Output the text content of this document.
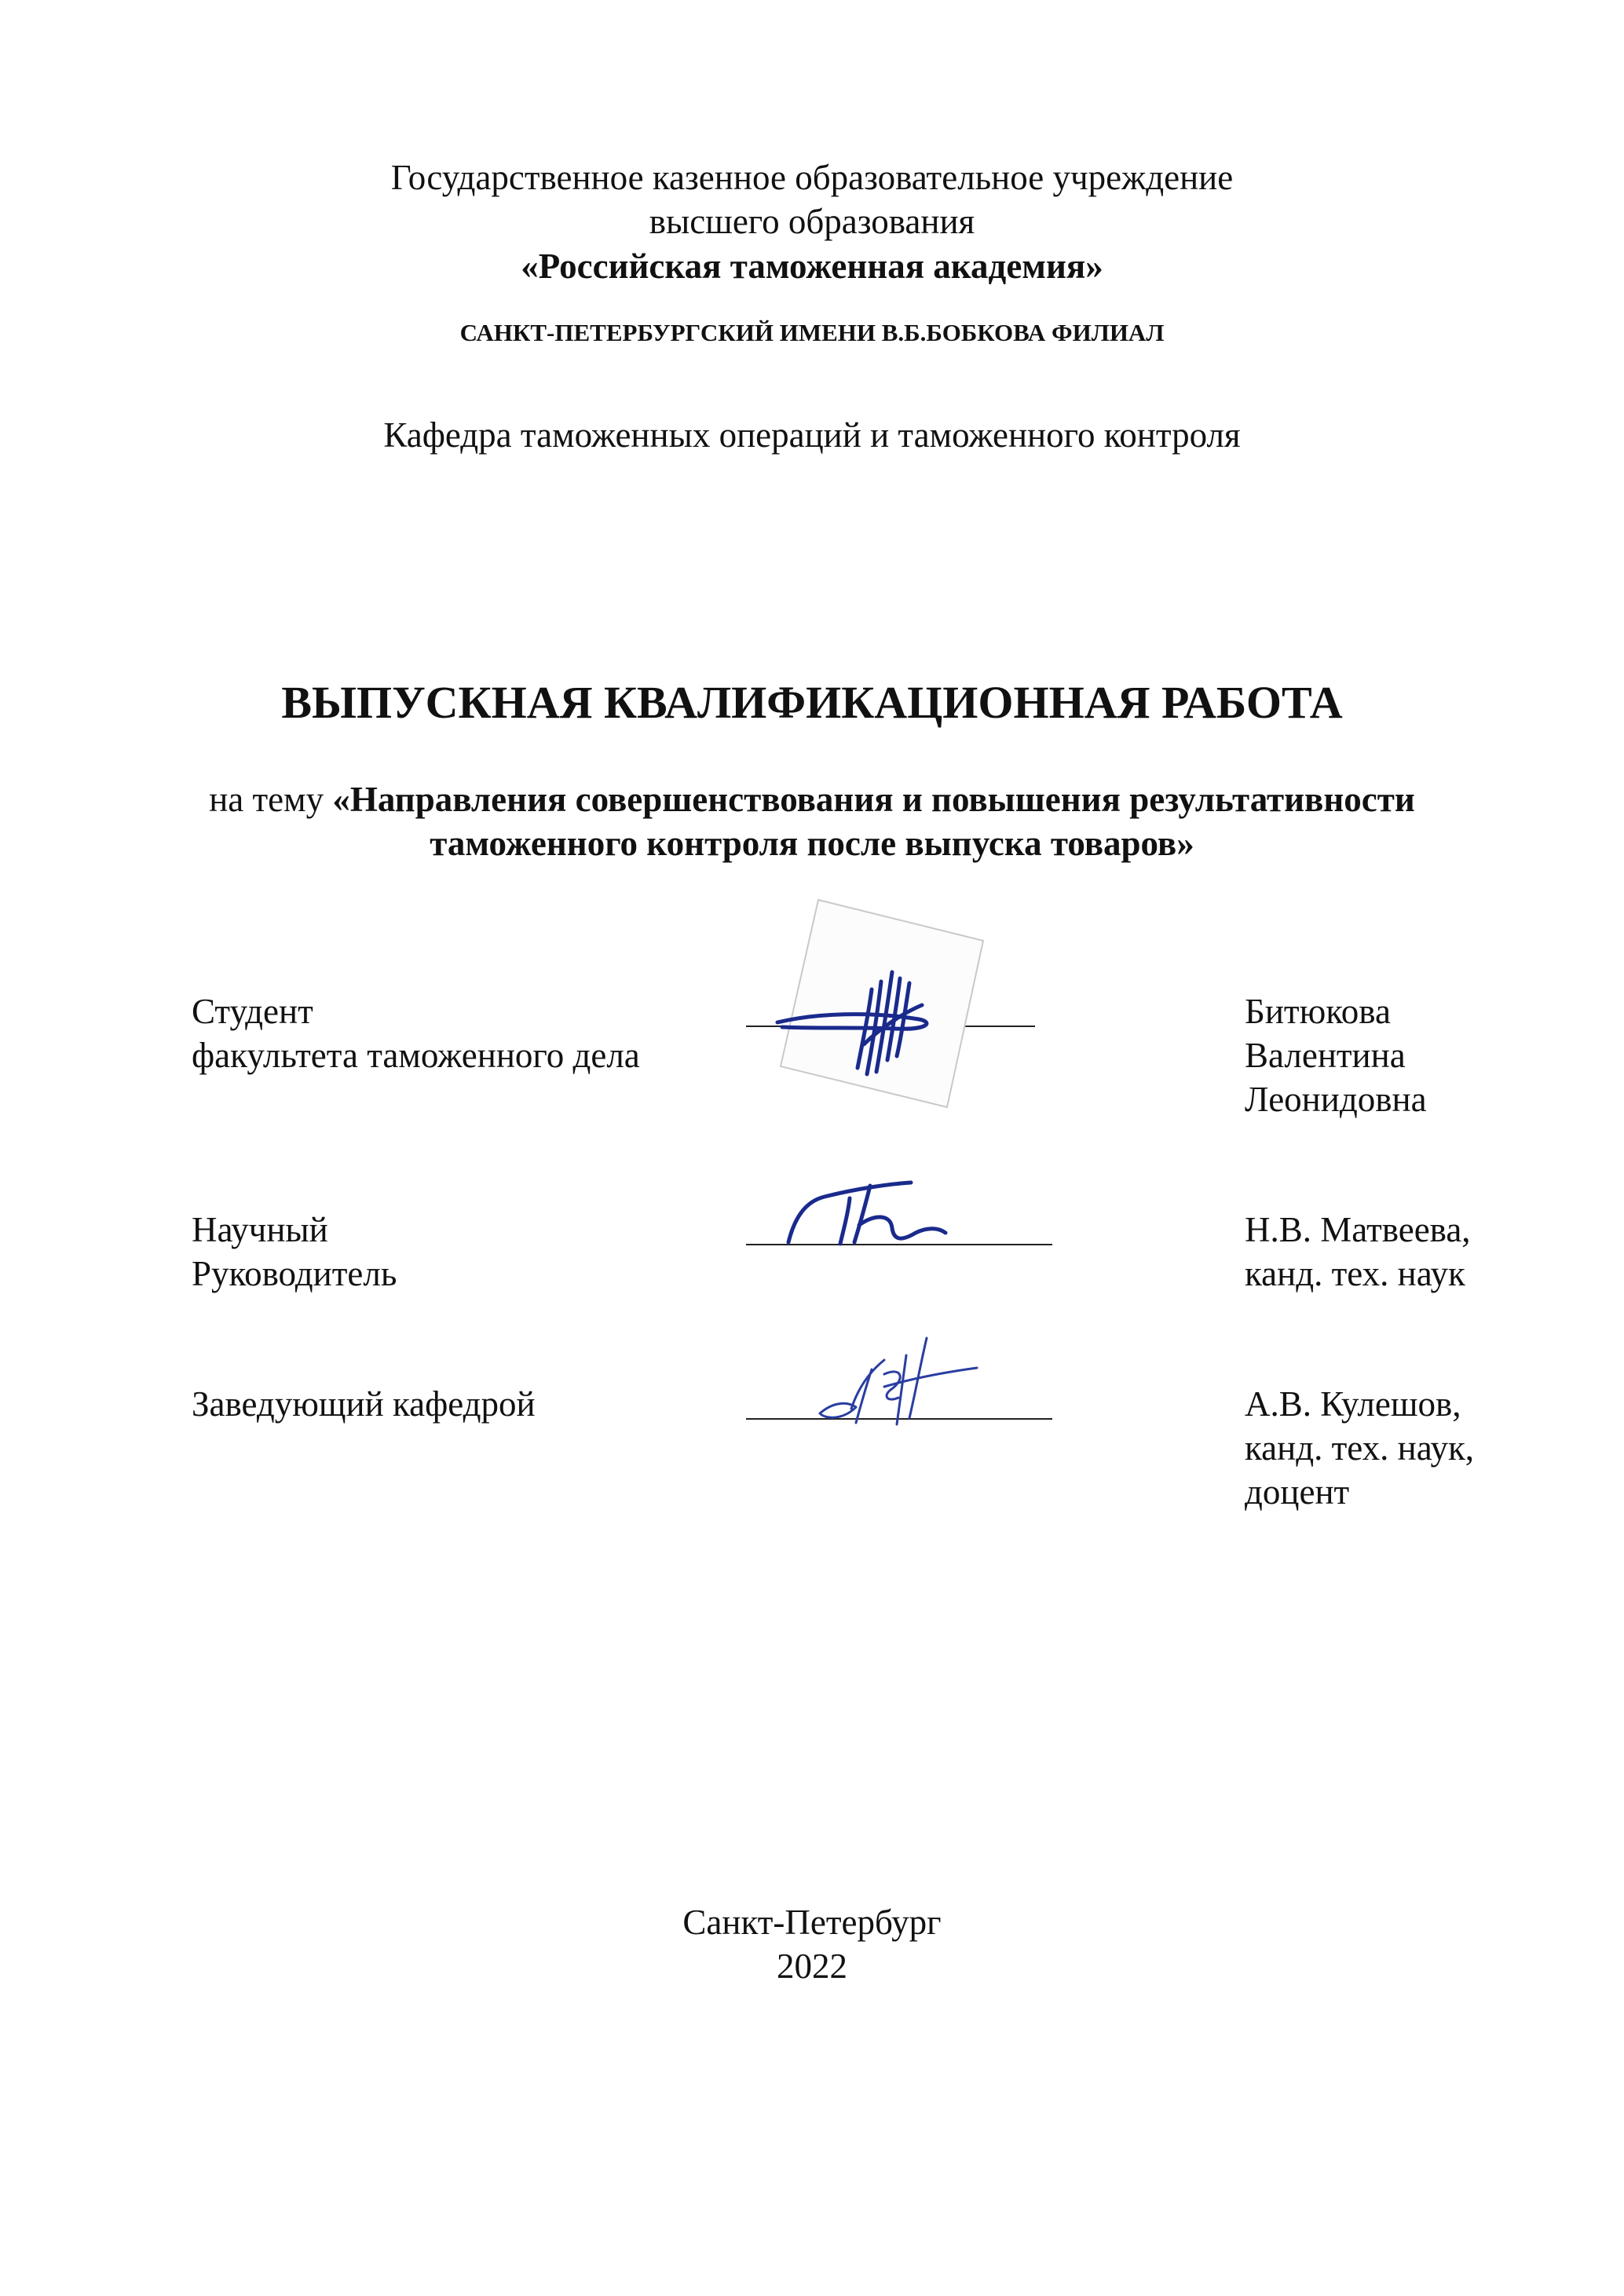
Государственное казенное образовательное учреждение
высшего образования
«Российская таможенная академия»
САНКТ-ПЕТЕРБУРГСКИЙ ИМЕНИ В.Б.БОБКОВА ФИЛИАЛ
Кафедра таможенных операций и таможенного контроля
ВЫПУСКНАЯ КВАЛИФИКАЦИОННАЯ РАБОТА
на тему «Направления совершенствования и повышения результативности
таможенного контроля после выпуска товаров»
Студент
факультета таможенного дела
Битюкова
Валентина
Леонидовна
Научный
Руководитель
Н.В. Матвеева,
канд. тех. наук
Заведующий кафедрой	А.В. Кулешов,
канд. тех. наук,
доцент
Санкт-Петербург
2022
